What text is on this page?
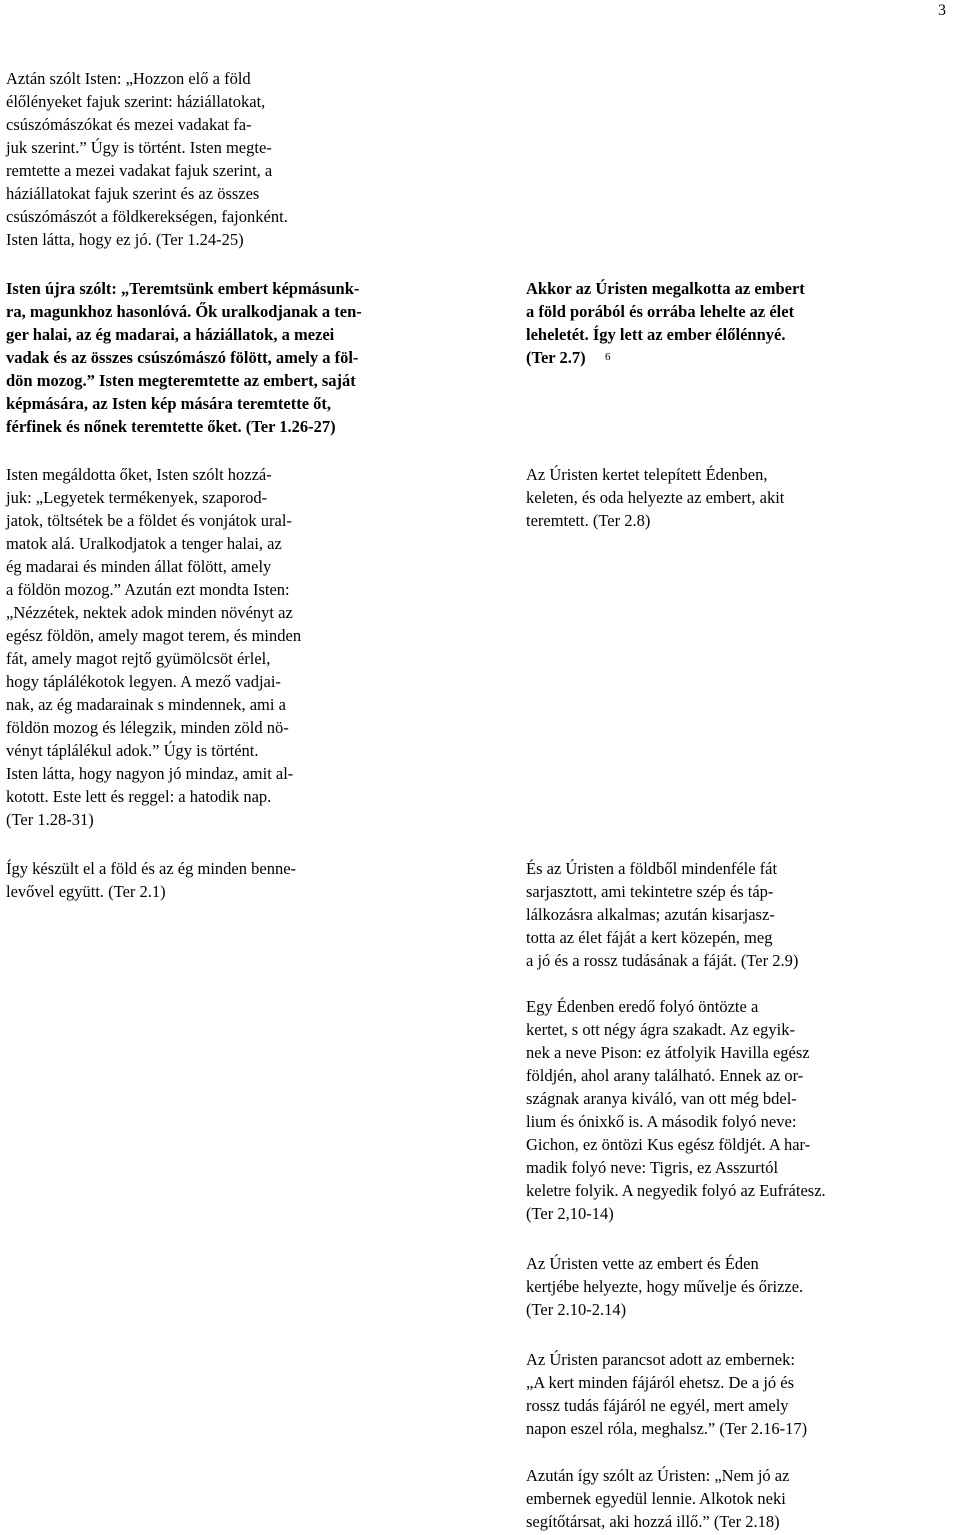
3
Aztán szólt Isten: „Hozzon elő a föld
élőlényeket fajuk szerint: háziállatokat,
csúszómászókat és mezei vadakat fa-
juk szerint.” Úgy is történt. Isten megte-
remtette a mezei vadakat fajuk szerint, a
háziállatokat fajuk szerint és az összes
csúszómászót a földkerekségen, fajonként.
Isten látta, hogy ez jó. (Ter 1.24-25)
Isten újra szólt: „Teremtsünk embert képmásunk-
ra, magunkhoz hasonlóvá. Ők uralkodjanak a ten-
ger halai, az ég madarai, a háziállatok, a mezei
vadak és az összes csúszómászó fölött, amely a föl-
dön mozog.” Isten megteremtette az embert, saját
képmására, az Isten kép mására teremtette őt,
férfinek és nőnek teremtette őket. (Ter 1.26-27)
Isten megáldotta őket, Isten szólt hozzá-
juk: „Legyetek termékenyek, szaporod-
jatok, töltsétek be a földet és vonjátok ural-
matok alá. Uralkodjatok a tenger halai, az
ég madarai és minden állat fölött, amely
a földön mozog.” Azután ezt mondta Isten:
„Nézzétek, nektek adok minden növényt az
egész földön, amely magot terem, és minden
fát, amely magot rejtő gyümölcsöt érlel,
hogy táplálékotok legyen. A mező vadjai-
nak, az ég madarainak s mindennek, ami a
földön mozog és lélegzik, minden zöld nö-
vényt táplálékul adok.” Úgy is történt.
Isten látta, hogy nagyon jó mindaz, amit al-
kotott. Este lett és reggel: a hatodik nap.
(Ter 1.28-31)
Így készült el a föld és az ég minden benne-
levővel együtt. (Ter 2.1)
Akkor az Úristen megalkotta az embert
a föld porából és orrába lehelte az élet
leheletét. Így lett az ember élőlénnyé.
(Ter 2.7)	6
Az Úristen kertet telepített Édenben,
keleten, és oda helyezte az embert, akit
teremtett. (Ter 2.8)
És az Úristen a földből mindenféle fát
sarjasztott, ami tekintetre szép és táp-
lálkozásra alkalmas; azután kisarjasz-
totta az élet fáját a kert közepén, meg
a jó és a rossz tudásának a fáját. (Ter 2.9)
Egy Édenben eredő folyó öntözte a
kertet, s ott négy ágra szakadt. Az egyik-
nek a neve Pison: ez átfolyik Havilla egész
földjén, ahol arany található. Ennek az or-
szágnak aranya kiváló, van ott még bdel-
lium és ónixkő is. A második folyó neve:
Gichon, ez öntözi Kus egész földjét. A har-
madik folyó neve: Tigris, ez Asszurtól
keletre folyik. A negyedik folyó az Eufrátesz.
(Ter 2,10-14)
Az Úristen vette az embert és Éden
kertjébe helyezte, hogy művelje és őrizze.
(Ter 2.10-2.14)
Az Úristen parancsot adott az embernek:
„A kert minden fájáról ehetsz. De a jó és
rossz tudás fájáról ne egyél, mert amely
napon eszel róla, meghalsz.” (Ter 2.16-17)
Azután így szólt az Úristen: „Nem jó az
embernek egyedül lennie. Alkotok neki
segítőtársat, aki hozzá illő.” (Ter 2.18)
